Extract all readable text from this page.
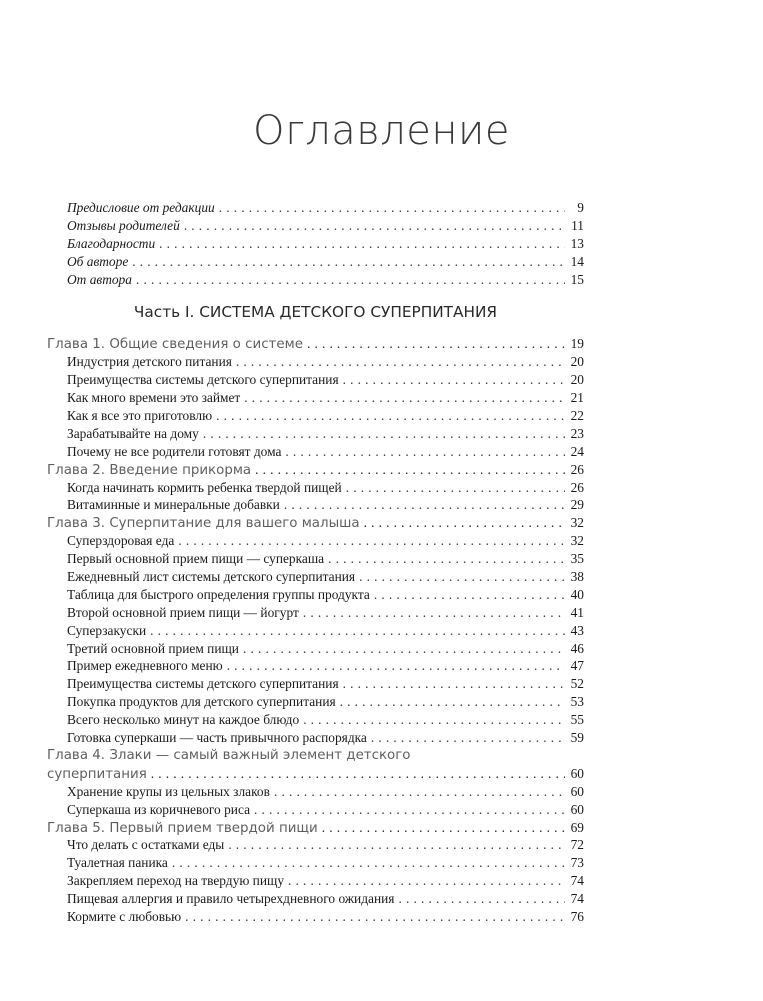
Оглавление
Предисловие от редакции . . .	9
Отзывы родителей . . .	11
Благодарности . . .	13
Об авторе . . .	14
От автора . . .	15
Часть I. СИСТЕМА ДЕТСКОГО СУПЕРПИТАНИЯ
Глава 1. Общие сведения о системе . . .	19
Индустрия детского питания . . .	20
Преимущества системы детского суперпитания . . .	20
Как много времени это займет . . .	21
Как я все это приготовлю . . .	22
Зарабатывайте на дому . . .	23
Почему не все родители готовят дома . . .	24
Глава 2. Введение прикорма . . .	26
Когда начинать кормить ребенка твердой пищей . . .	26
Витаминные и минеральные добавки . . .	29
Глава 3. Суперпитание для вашего малыша . . .	32
Суперздоровая еда . . .	32
Первый основной прием пищи — суперкаша . . .	35
Ежедневный лист системы детского суперпитания . . .	38
Таблица для быстрого определения группы продукта . . .	40
Второй основной прием пищи — йогурт . . .	41
Суперзакуски . . .	43
Третий основной прием пищи . . .	46
Пример ежедневного меню . . .	47
Преимущества системы детского суперпитания . . .	52
Покупка продуктов для детского суперпитания . . .	53
Всего несколько минут на каждое блюдо . . .	55
Готовка суперкаши — часть привычного распорядка . . .	59
Глава 4. Злаки — самый важный элемент детского
суперпитания . . .	60
Хранение крупы из цельных злаков . . .	60
Суперкаша из коричневого риса . . .	60
Глава 5. Первый прием твердой пищи . . .	69
Что делать с остатками еды . . .	72
Туалетная паника . . .	73
Закрепляем переход на твердую пищу . . .	74
Пищевая аллергия и правило четырехдневного ожидания . . .	74
Кормите с любовью . . .	76
